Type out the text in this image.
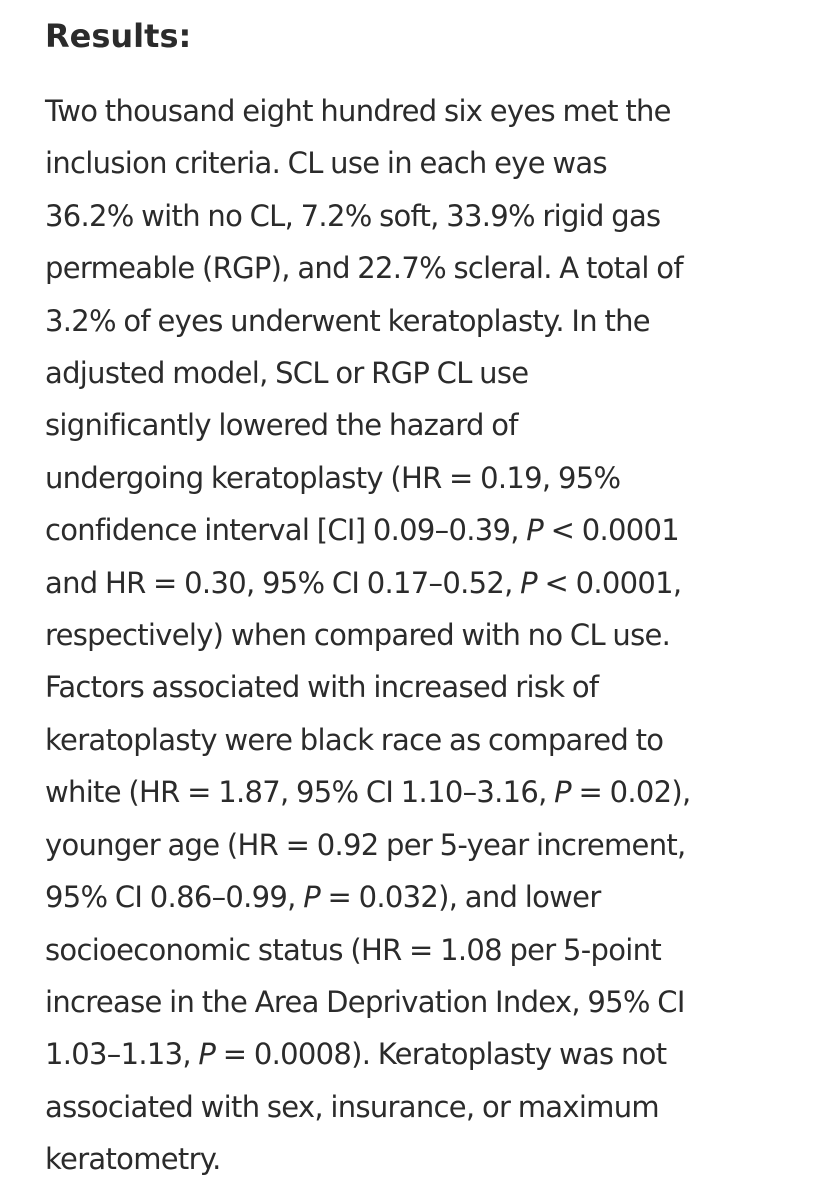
Results:

Two thousand eight hundred six eyes met the
inclusion criteria. CL use in each eye was
36.2% with no CL, 7.2% soft, 33.9% rigid gas
permeable (RGP), and 22.7% scleral. A total of
3.2% of eyes underwent keratoplasty. In the
adjusted model, SCL or RGP CL use
significantly lowered the hazard of
undergoing keratoplasty (HR = 0.19, 95%
confidence interval [CI] 0.09–0.39, P < 0.0001
and HR = 0.30, 95% CI 0.17–0.52, P < 0.0001,
respectively) when compared with no CL use.
Factors associated with increased risk of
keratoplasty were black race as compared to
white (HR = 1.87, 95% CI 1.10–3.16, P = 0.02),
younger age (HR = 0.92 per 5-year increment,
95% CI 0.86–0.99, P = 0.032), and lower
socioeconomic status (HR = 1.08 per 5-point
increase in the Area Deprivation Index, 95% CI
1.03–1.13, P = 0.0008). Keratoplasty was not
associated with sex, insurance, or maximum
keratometry.
